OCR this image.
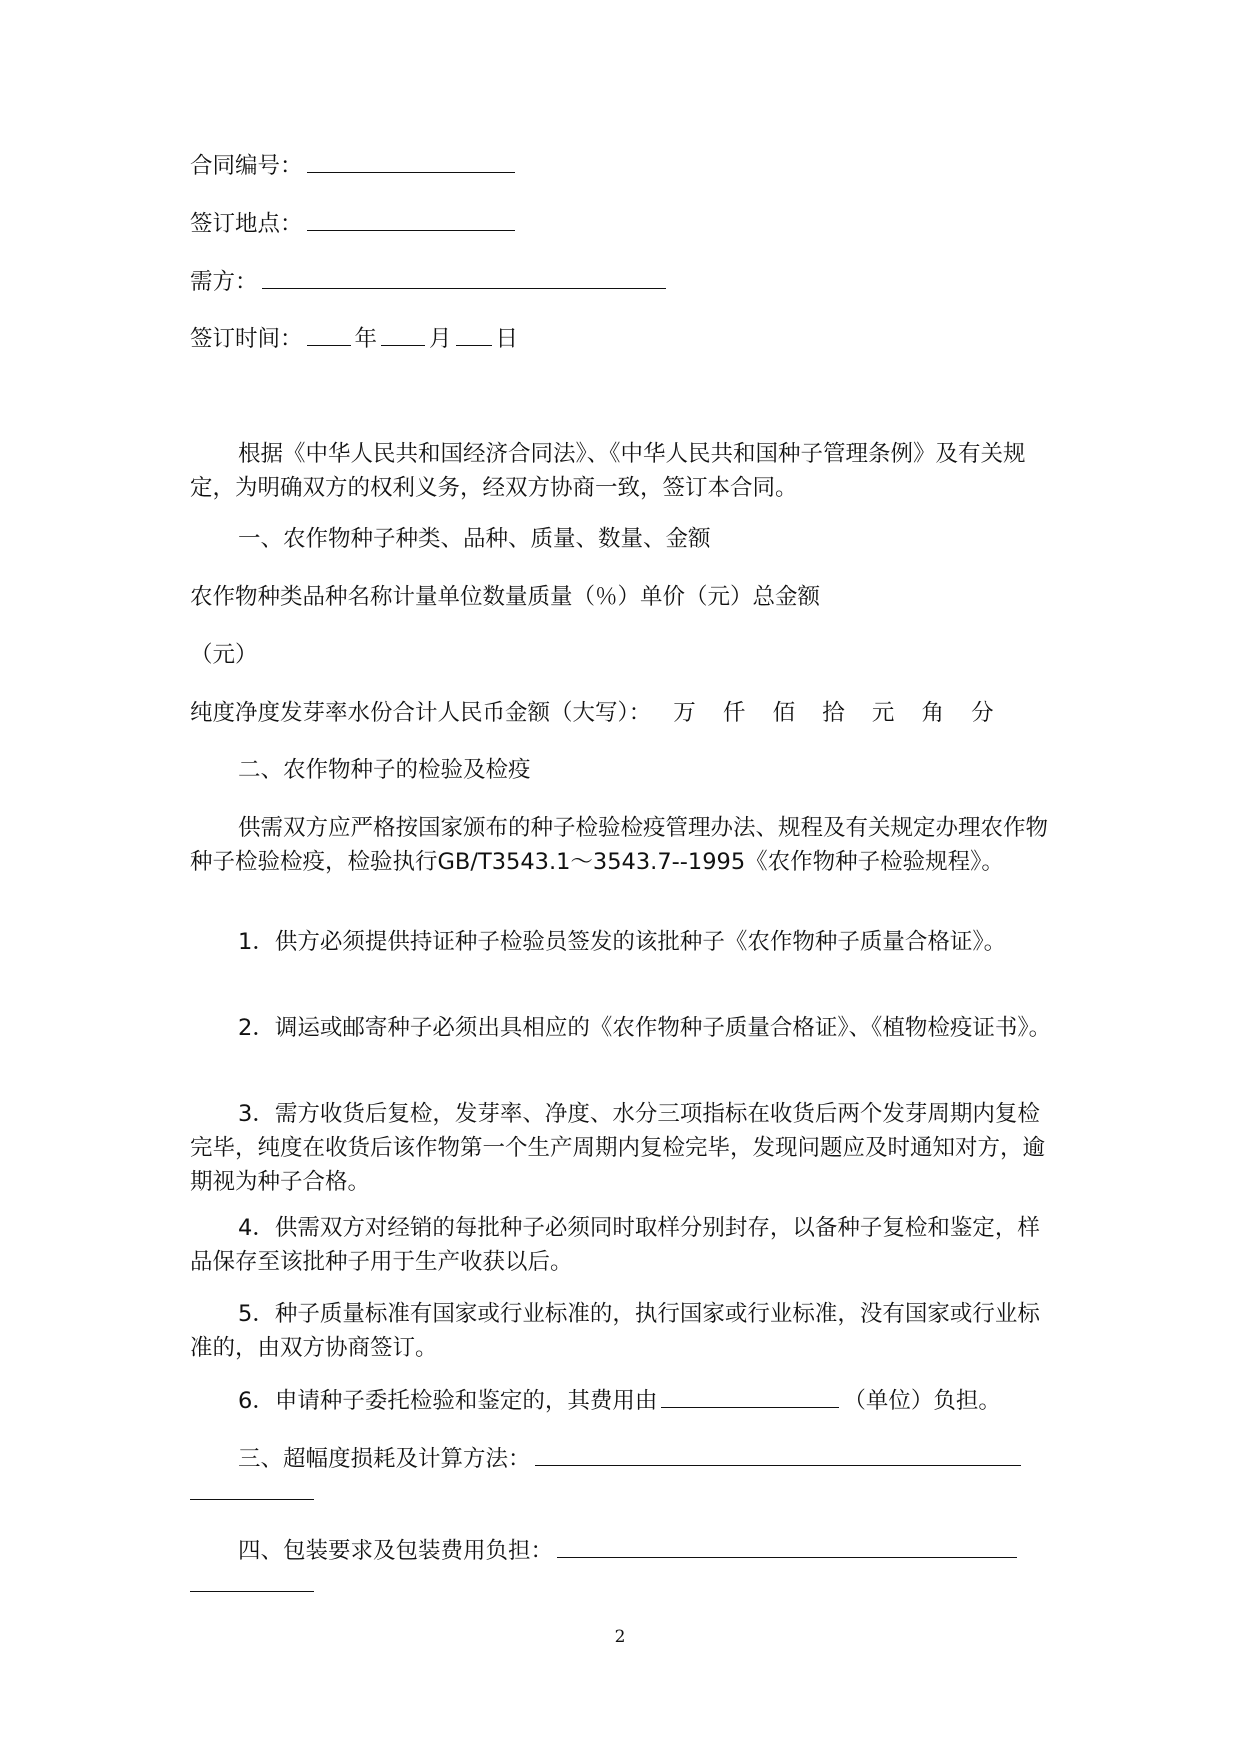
合同编号：
签订地点：
需方：
签订时间： 年 月 日
根据《中华人民共和国经济合同法》、《中华人民共和国种子管理条例》及有关规定，为明确双方的权利义务，经双方协商一致，签订本合同。
一、农作物种子种类、品种、质量、数量、金额
农作物种类品种名称计量单位数量质量（％）单价（元）总金额
（元）
纯度净度发芽率水份合计人民币金额（大写）： 万 仟 佰 拾 元 角 分
二、农作物种子的检验及检疫
供需双方应严格按国家颁布的种子检验检疫管理办法、规程及有关规定办理农作物种子检验检疫，检验执行GB/T3543.1～3543.7--1995《农作物种子检验规程》。
1．供方必须提供持证种子检验员签发的该批种子《农作物种子质量合格证》。
2．调运或邮寄种子必须出具相应的《农作物种子质量合格证》、《植物检疫证书》。
3．需方收货后复检，发芽率、净度、水分三项指标在收货后两个发芽周期内复检完毕，纯度在收货后该作物第一个生产周期内复检完毕，发现问题应及时通知对方，逾期视为种子合格。
4．供需双方对经销的每批种子必须同时取样分别封存，以备种子复检和鉴定，样品保存至该批种子用于生产收获以后。
5．种子质量标准有国家或行业标准的，执行国家或行业标准，没有国家或行业标准的，由双方协商签订。
6．申请种子委托检验和鉴定的，其费用由	（单位）负担。
三、超幅度损耗及计算方法：
四、包装要求及包装费用负担：
2
